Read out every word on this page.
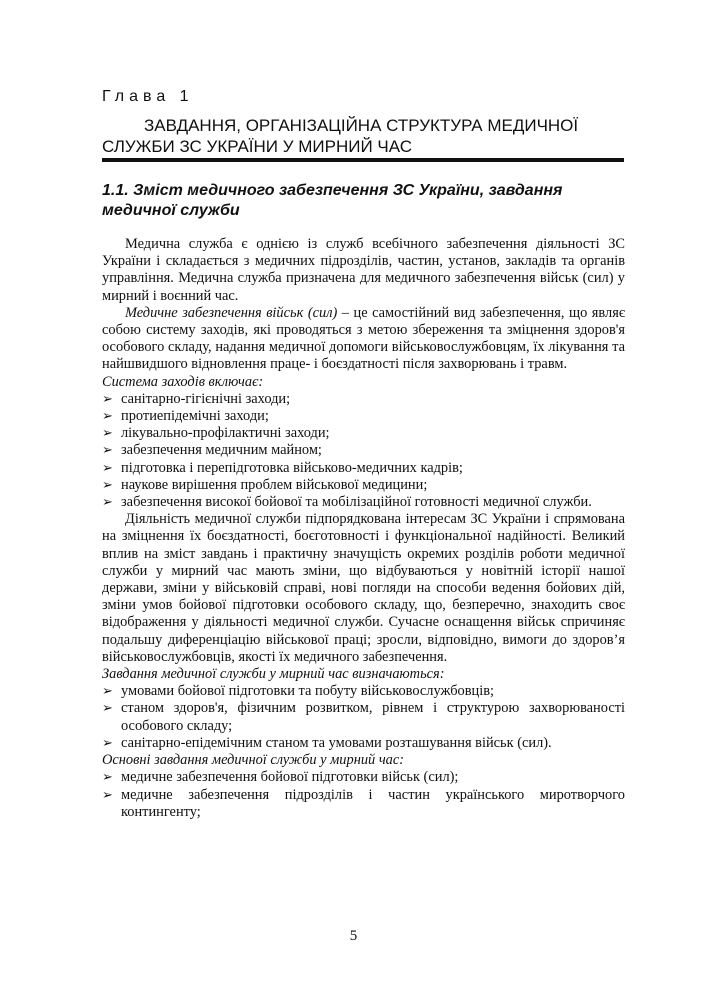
Глава 1
ЗАВДАННЯ, ОРГАНІЗАЦІЙНА СТРУКТУРА МЕДИЧНОЇ
СЛУЖБИ ЗС УКРАЇНИ У МИРНИЙ ЧАС
1.1. Зміст медичного забезпечення ЗС України, завдання медичної служби

Медична служба є однією із служб всебічного забезпечення діяльності ЗС України і складається з медичних підрозділів, частин, установ, закладів та органів управління. Медична служба призначена для медичного забезпечення військ (сил) у мирний і воєнний час.

Медичне забезпечення військ (сил) – це самостійний вид забезпечення, що являє собою систему заходів, які проводяться з метою збереження та зміцнення здоров'я особового складу, надання медичної допомоги військовослужбовцям, їх лікування та найшвидшого відновлення праце- і боєздатності після захворювань і травм.

Система заходів включає:

➢ санітарно-гігієнічні заходи;
➢ протиепідемічні заходи;
➢ лікувально-профілактичні заходи;
➢ забезпечення медичним майном;
➢ підготовка і перепідготовка військово-медичних кадрів;
➢ наукове вирішення проблем військової медицини;
➢ забезпечення високої бойової та мобілізаційної готовності медичної служби.

Діяльність медичної служби підпорядкована інтересам ЗС України і спрямована на зміцнення їх боєздатності, боєготовності і функціональної надійності. Великий вплив на зміст завдань і практичну значущість окремих розділів роботи медичної служби у мирний час мають зміни, що відбуваються у новітній історії нашої держави, зміни у військовій справі, нові погляди на способи ведення бойових дій, зміни умов бойової підготовки особового складу, що, безперечно, знаходить своє відображення у діяльності медичної служби. Сучасне оснащення військ спричиняє подальшу диференціацію військової праці; зросли, відповідно, вимоги до здоров’я військовослужбовців, якості їх медичного забезпечення.

Завдання медичної служби у мирний час визначаються:

➢ умовами бойової підготовки та побуту військовослужбовців;
➢ станом здоров'я, фізичним розвитком, рівнем і структурою захворюваності особового складу;
➢ санітарно-епідемічним станом та умовами розташування військ (сил).

Основні завдання медичної служби у мирний час:

➢ медичне забезпечення бойової підготовки військ (сил);
➢ медичне забезпечення підрозділів і частин українського миротворчого контингенту;
5
